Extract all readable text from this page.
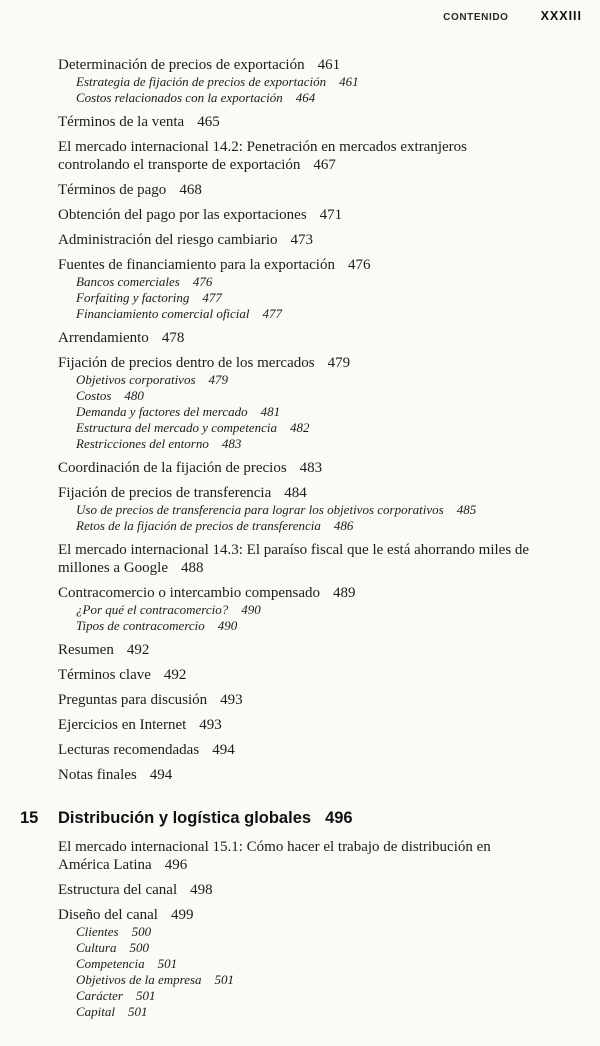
CONTENIDO	XXXIII
Determinación de precios de exportación 461
Estrategia de fijación de precios de exportación 461
Costos relacionados con la exportación 464
Términos de la venta 465
El mercado internacional 14.2: Penetración en mercados extranjeros controlando el transporte de exportación 467
Términos de pago 468
Obtención del pago por las exportaciones 471
Administración del riesgo cambiario 473
Fuentes de financiamiento para la exportación 476
Bancos comerciales 476
Forfaiting y factoring 477
Financiamiento comercial oficial 477
Arrendamiento 478
Fijación de precios dentro de los mercados 479
Objetivos corporativos 479
Costos 480
Demanda y factores del mercado 481
Estructura del mercado y competencia 482
Restricciones del entorno 483
Coordinación de la fijación de precios 483
Fijación de precios de transferencia 484
Uso de precios de transferencia para lograr los objetivos corporativos 485
Retos de la fijación de precios de transferencia 486
El mercado internacional 14.3: El paraíso fiscal que le está ahorrando miles de millones a Google 488
Contracomercio o intercambio compensado 489
¿Por qué el contracomercio? 490
Tipos de contracomercio 490
Resumen 492
Términos clave 492
Preguntas para discusión 493
Ejercicios en Internet 493
Lecturas recomendadas 494
Notas finales 494
15	Distribución y logística globales 496
El mercado internacional 15.1: Cómo hacer el trabajo de distribución en América Latina 496
Estructura del canal 498
Diseño del canal 499
Clientes 500
Cultura 500
Competencia 501
Objetivos de la empresa 501
Carácter 501
Capital 501
